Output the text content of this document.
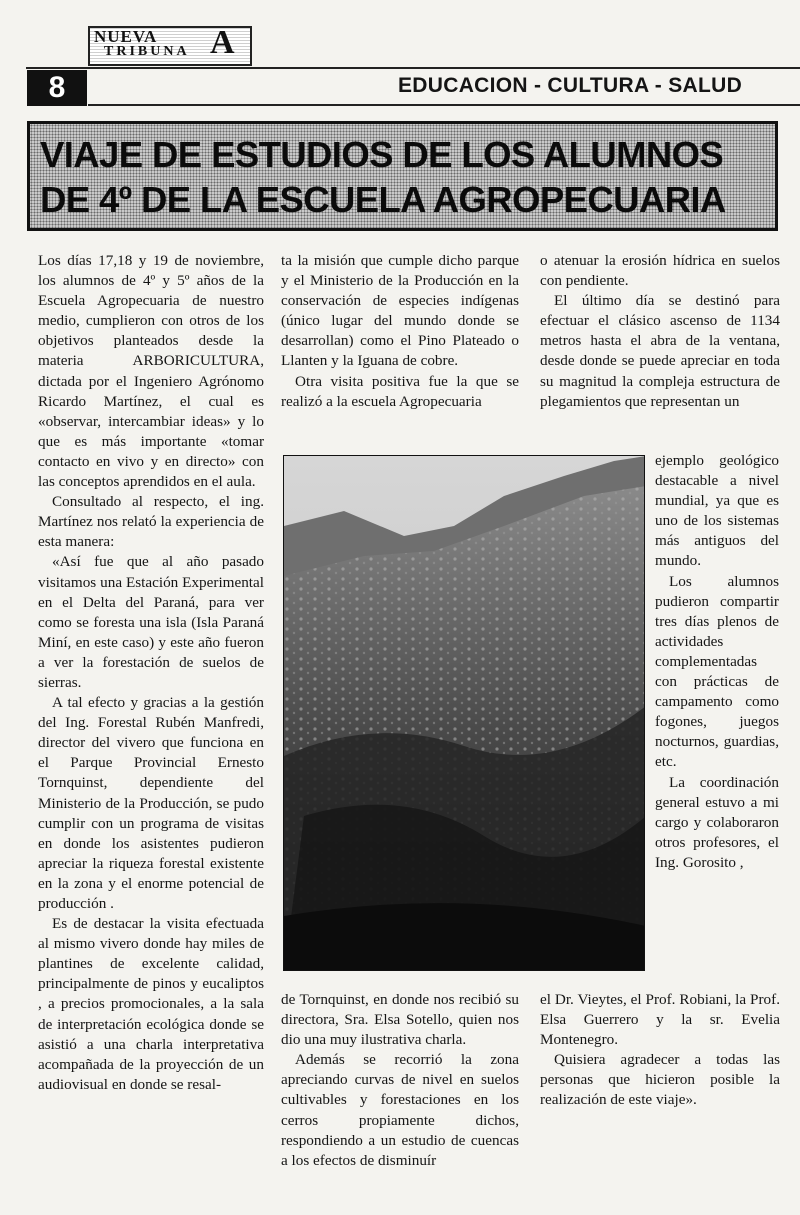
NUEVA
TRIBUNA A
8	EDUCACION - CULTURA - SALUD
VIAJE DE ESTUDIOS DE LOS ALUMNOS
DE 4º DE LA ESCUELA AGROPECUARIA

Los días 17,18 y 19 de noviembre, los alumnos de 4º y 5º años de la Escuela Agropecuaria de nuestro medio, cumplieron con otros de los objetivos planteados desde la materia ARBORICULTURA, dictada por el Ingeniero Agrónomo Ricardo Martínez, el cual es «observar, intercambiar ideas» y lo que es más importante «tomar contacto en vivo y en directo» con las conceptos aprendidos en el aula.

Consultado al respecto, el ing. Martínez nos relató la experiencia de esta manera:

«Así fue que al año pasado visitamos una Estación Experimental en el Delta del Paraná, para ver como se foresta una isla (Isla Paraná Miní, en este caso) y este año fueron a ver la forestación de suelos de sierras.

A tal efecto y gracias a la gestión del Ing. Forestal Rubén Manfredi, director del vivero que funciona en el Parque Provincial Ernesto Tornquinst, dependiente del Ministerio de la Producción, se pudo cumplir con un programa de visitas en donde los asistentes pudieron apreciar la riqueza forestal existente en la zona y el enorme potencial de producción .

Es de destacar la visita efectuada al mismo vivero donde hay miles de plantines de excelente calidad, principalmente de pinos y eucaliptos , a precios promocionales, a la sala de interpretación ecológica donde se asistió a una charla interpretativa acompañada de la proyección de un audiovisual en donde se resal-

ta la misión que cumple dicho parque y el Ministerio de la Producción en la conservación de especies indígenas (único lugar del mundo donde se desarrollan) como el Pino Plateado o Llanten y la Iguana de cobre.

Otra visita positiva fue la que se realizó a la escuela Agropecuaria

de Tornquinst, en donde nos recibió su directora, Sra. Elsa Sotello, quien nos dio una muy ilustrativa charla.

Además se recorrió la zona apreciando curvas de nivel en suelos cultivables y forestaciones en los cerros propiamente dichos, respondiendo a un estudio de cuencas a los efectos de disminuír

o atenuar la erosión hídrica en suelos con pendiente.

El último día se destinó para efectuar el clásico ascenso de 1134 metros hasta el abra de la ventana, desde donde se puede apreciar en toda su magnitud la compleja estructura de plegamientos que representan un

ejemplo geológico destacable a nivel mundial, ya que es uno de los sistemas más antiguos del mundo.

Los alumnos pudieron compartir tres días plenos de actividades complementadas con prácticas de campamento como fogones, juegos nocturnos, guardias, etc.

La coordinación general estuvo a mi cargo y colaboraron otros profesores, el Ing. Gorosito ,

el Dr. Vieytes, el Prof. Robiani, la Prof. Elsa Guerrero y la sr. Evelia Montenegro.

Quisiera agradecer a todas las personas que hicieron posible la realización de este viaje».
